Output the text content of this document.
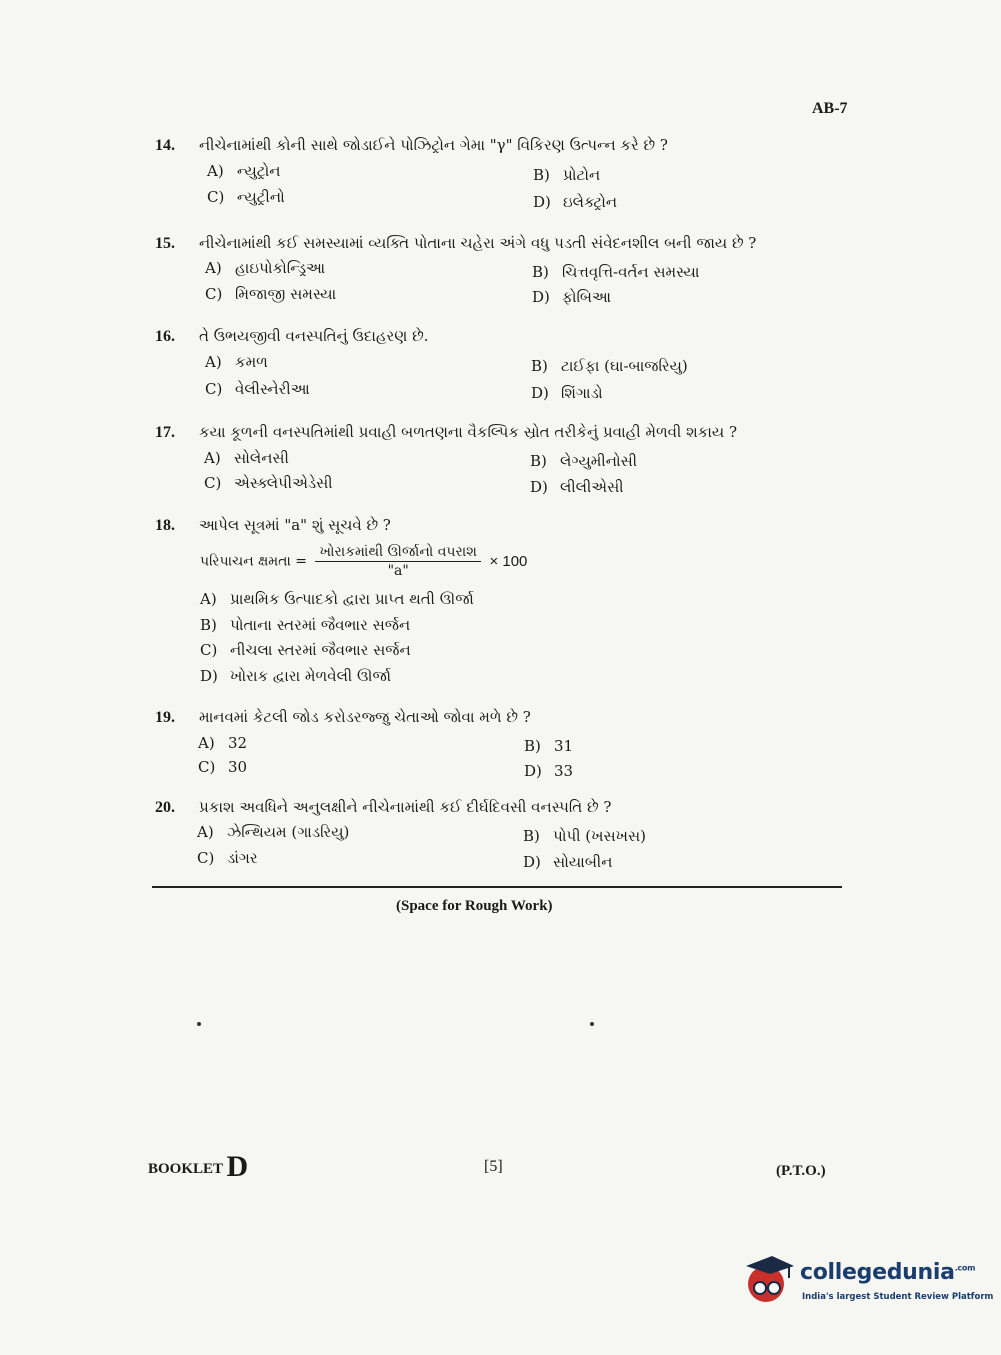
AB-7
14. નીચેનામાંથી કોની સાથે જોડાઈને પોઝિટ્રોન ગેમા "γ" વિકિરણ ઉત્પન્ન કરે છે ?
A) ન્યુટ્રોન	B) પ્રોટોન
C) ન્યુટ્રીનો	D) ઇલેક્ટ્રોન
15. નીચેનામાંથી કઈ સમસ્યામાં વ્યક્તિ પોતાના ચહેરા અંગે વધુ પડતી સંવેદનશીલ બની જાય છે ?
A) હાઇપોકોન્ડ્રિઆ	B) ચિત્તવૃત્તિ-વર્તન સમસ્યા
C) મિજાજી સમસ્યા	D) ફોબિઆ
16. તે ઉભયજીવી વનસ્પતિનું ઉદાહરણ છે.
A) કમળ	B) ટાઈફા (ઘા-બાજરિયુ)
C) વેલીસ્નેરીઆ	D) શિંગાડો
17. કયા કૂળની વનસ્પતિમાંથી પ્રવાહી બળતણના વૈકલ્પિક સ્રોત તરીકેનું પ્રવાહી મેળવી શકાય ?
A) સોલેનસી	B) લેગ્યુમીનોસી
C) એસ્ક્લેપીએડેસી	D) લીલીએસી
18. આપેલ સૂત્રમાં "a" શું સૂચવે છે ?
પરિપાચન ક્ષમતા = $\frac{\text{ખોરાકમાંથી ઊર્જાનો વપરાશ}}{"a"} \times 100$
A) પ્રાથમિક ઉત્પાદકો દ્વારા પ્રાપ્ત થતી ઊર્જા
B) પોતાના સ્તરમાં જૈવભાર સર્જન
C) નીચલા સ્તરમાં જૈવભાર સર્જન
D) ખોરાક દ્વારા મેળવેલી ઊર્જા
19. માનવમાં કેટલી જોડ કરોડરજ્જુ ચેતાઓ જોવા મળે છે ?
A) 32	B) 31
C) 30	D) 33
20. પ્રકાશ અવધિને અનુલક્ષીને નીચેનામાંથી કઈ દીર્ઘદિવસી વનસ્પતિ છે ?
A) ઝેન્થિયમ (ગાડરિયુ)	B) પોપી (ખસખસ)
C) ડાંગર	D) સોયાબીન
(Space for Rough Work)
BOOKLET D	[5]	(P.T.O.)
collegedunia$^{.com}$
India's largest Student Review Platform
